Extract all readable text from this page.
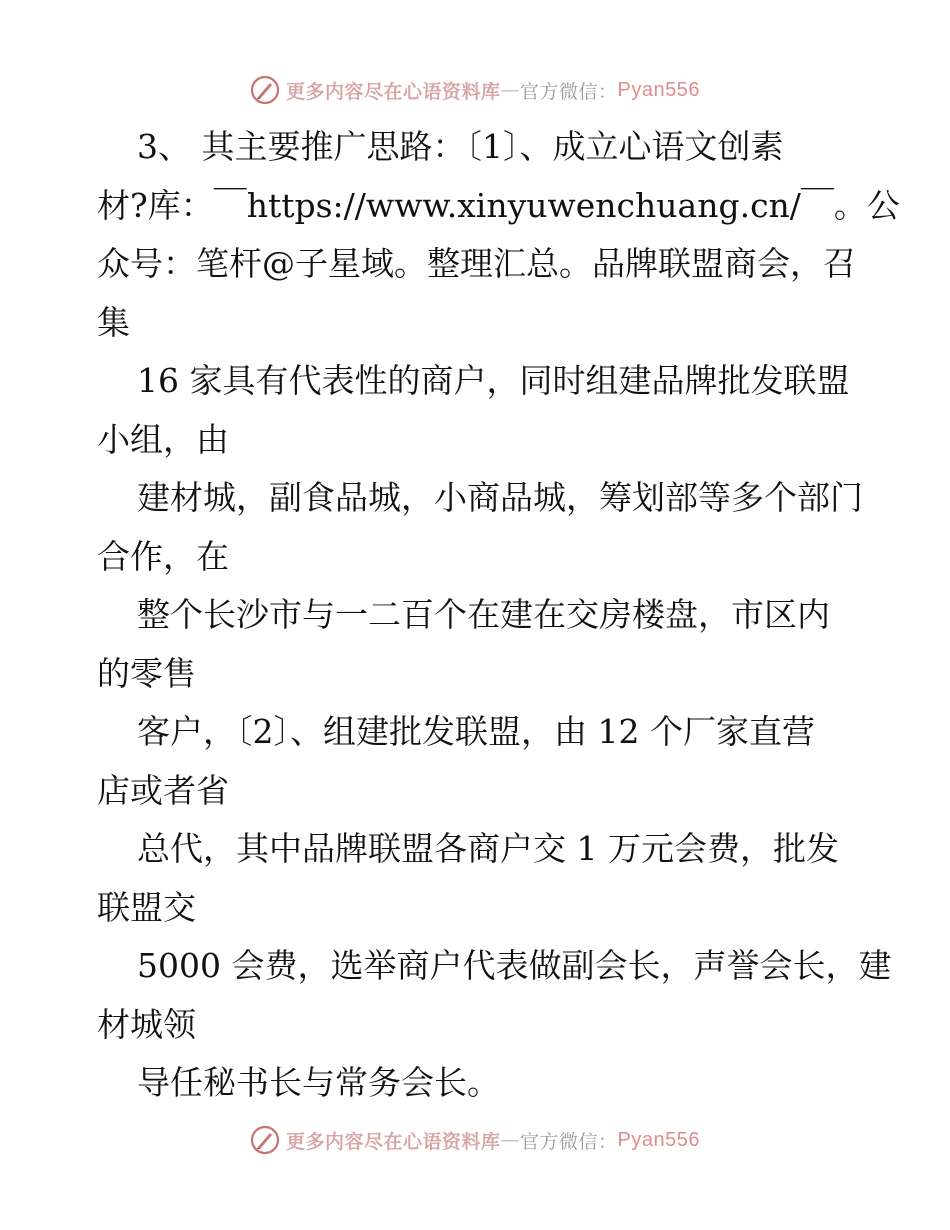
更多内容尽在心语资料库 — 官方微信： Pyan556
3、 其主要推广思路：〔1〕、成立心语文创素
材?库：￣https://www.xinyuwenchuang.cn/￣。公
众号：笔杆@子星域。整理汇总。品牌联盟商会，召
集
16 家具有代表性的商户，同时组建品牌批发联盟
小组，由
建材城，副食品城，小商品城，筹划部等多个部门
合作，在
整个长沙市与一二百个在建在交房楼盘，市区内
的零售
客户，〔2〕、组建批发联盟，由 12 个厂家直营
店或者省
总代，其中品牌联盟各商户交 1 万元会费，批发
联盟交
5000 会费，选举商户代表做副会长，声誉会长，建
材城领
导任秘书长与常务会长。
更多内容尽在心语资料库 — 官方微信： Pyan556
